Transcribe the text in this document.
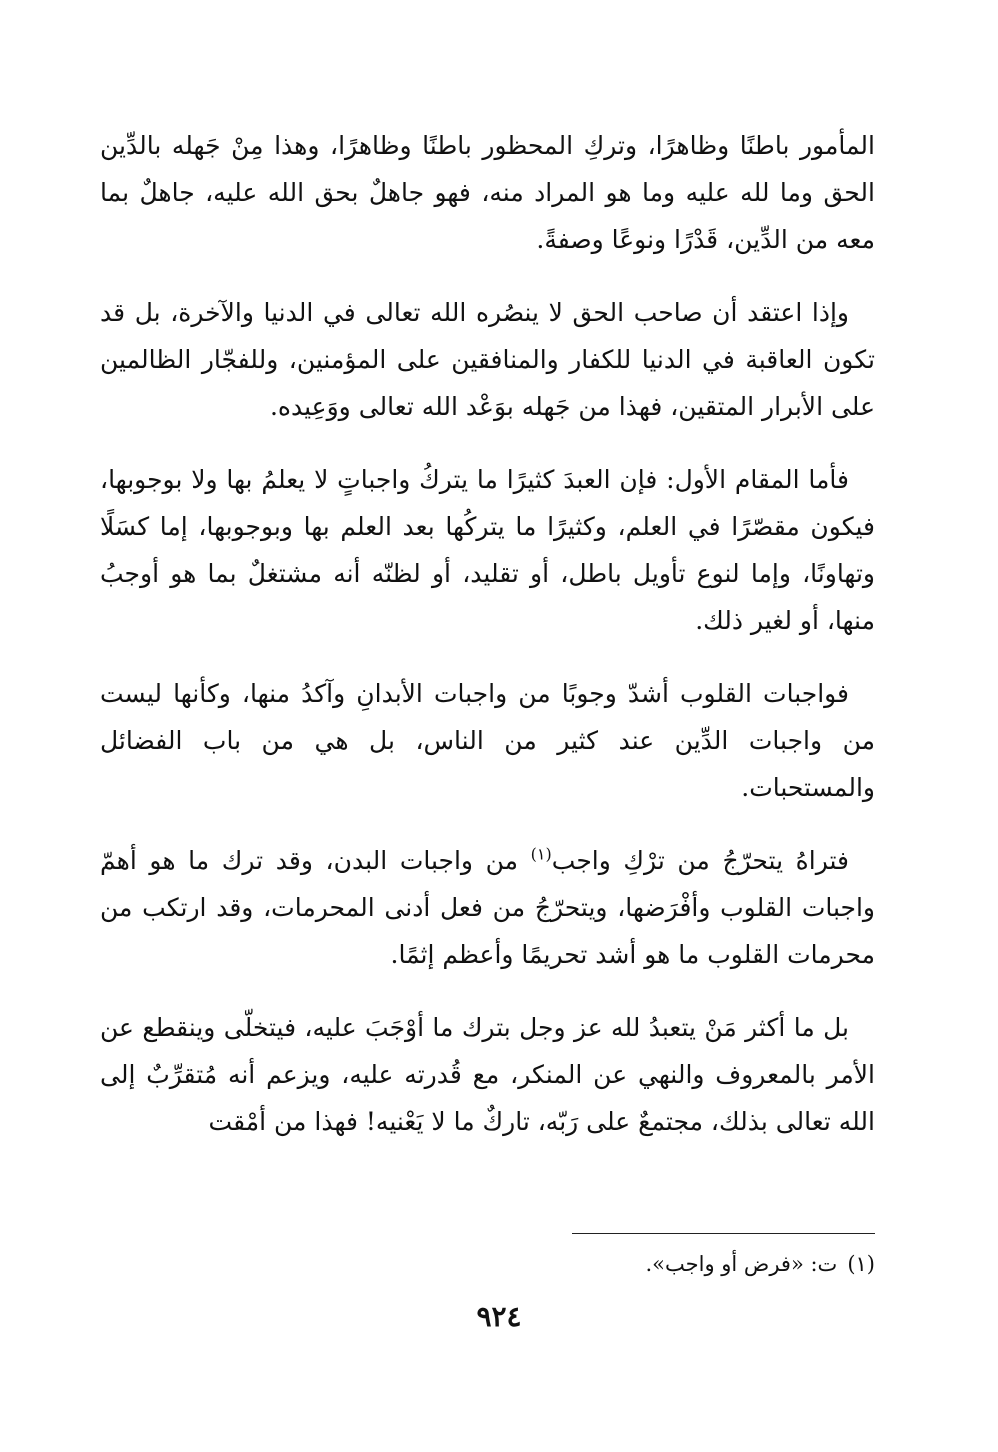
المأمور باطنًا وظاهرًا، وتركِ المحظور باطنًا وظاهرًا، وهذا مِنْ جَهله بالدِّين الحق وما لله عليه وما هو المراد منه، فهو جاهلٌ بحق الله عليه، جاهلٌ بما معه من الدِّين، قَدْرًا ونوعًا وصفةً.

وإذا اعتقد أن صاحب الحق لا ينصُره الله تعالى في الدنيا والآخرة، بل قد تكون العاقبة في الدنيا للكفار والمنافقين على المؤمنين، وللفجّار الظالمين على الأبرار المتقين، فهذا من جَهله بوَعْد الله تعالى ووَعِيده.

فأما المقام الأول: فإن العبدَ كثيرًا ما يتركُ واجباتٍ لا يعلمُ بها ولا بوجوبها، فيكون مقصّرًا في العلم، وكثيرًا ما يتركُها بعد العلم بها وبوجوبها، إما كسَلًا وتهاونًا، وإما لنوع تأويل باطل، أو تقليد، أو لظنّه أنه مشتغلٌ بما هو أوجبُ منها، أو لغير ذلك.

فواجبات القلوب أشدّ وجوبًا من واجبات الأبدانِ وآكدُ منها، وكأنها ليست من واجبات الدِّين عند كثير من الناس، بل هي من باب الفضائل والمستحبات.

فتراهُ يتحرّجُ من ترْكِ واجب$^{(١)}$ من واجبات البدن، وقد ترك ما هو أهمّ واجبات القلوب وأفْرَضها، ويتحرّجُ من فعل أدنى المحرمات، وقد ارتكب من محرمات القلوب ما هو أشد تحريمًا وأعظم إثمًا.

بل ما أكثر مَنْ يتعبدُ لله عز وجل بترك ما أوْجَبَ عليه، فيتخلّى وينقطع عن الأمر بالمعروف والنهي عن المنكر، مع قُدرته عليه، ويزعم أنه مُتقرِّبٌ إلى الله تعالى بذلك، مجتمعٌ على رَبّه، تاركٌ ما لا يَعْنيه! فهذا من أمْقت

(١)ت: «فرض أو واجب».
٩٢٤
